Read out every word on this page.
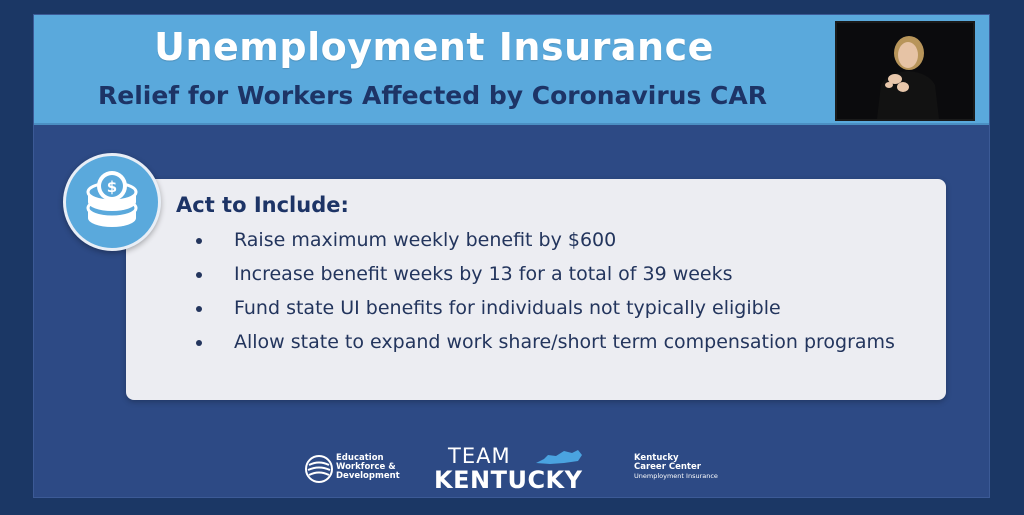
Unemployment Insurance
Relief for Workers Affected by Coronavirus CAR
$
Act to Include:
Raise maximum weekly benefit by $600
Increase benefit weeks by 13 for a total of 39 weeks
Fund state UI benefits for individuals not typically eligible
Allow state to expand work share/short term compensation programs
Education
Workforce &
Development
TEAM
KENTUCKY
Kentucky
Career Center
Unemployment Insurance
